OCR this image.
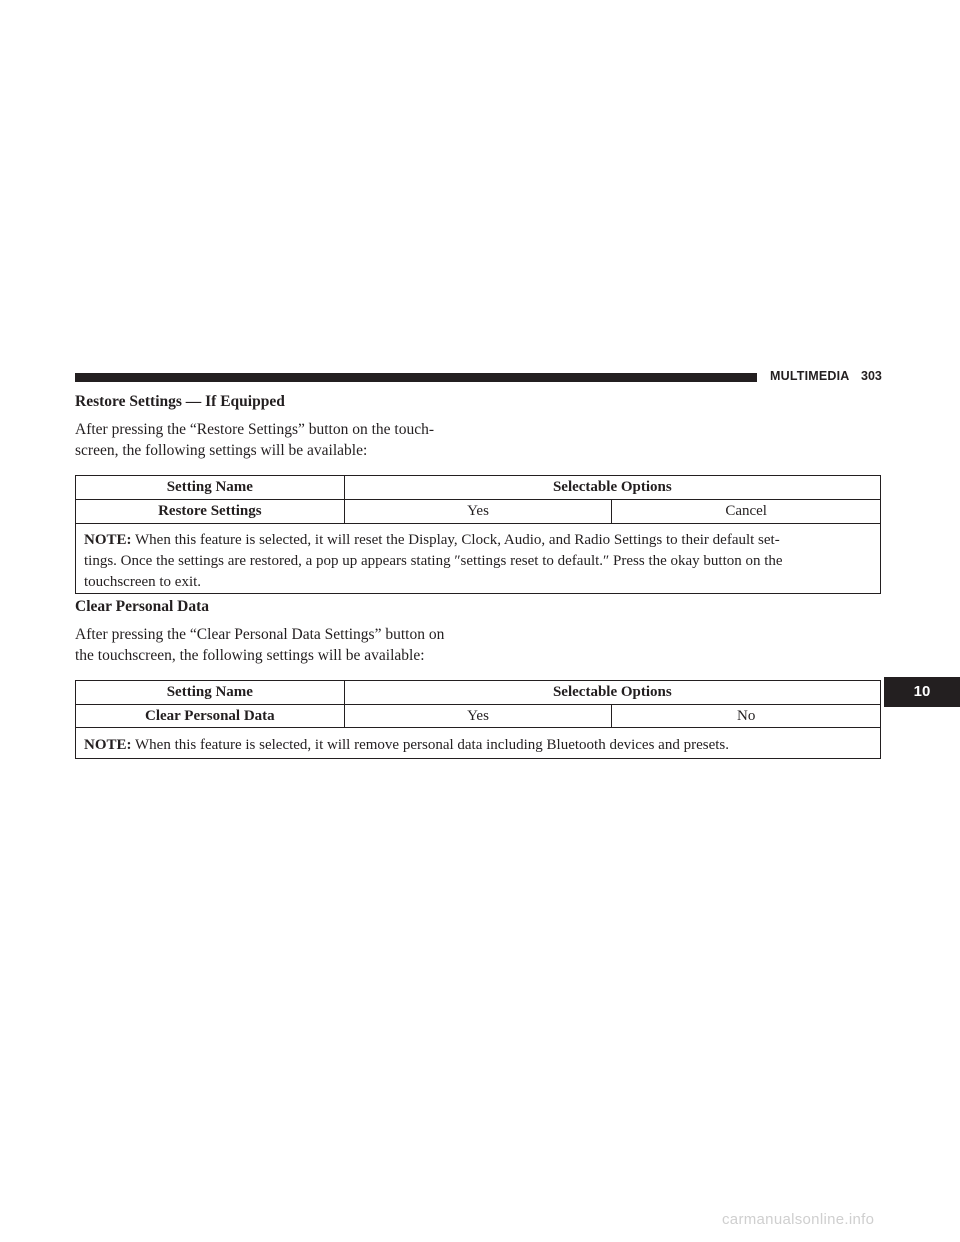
MULTIMEDIA 303
Restore Settings — If Equipped
After pressing the “Restore Settings” button on the touch-
screen, the following settings will be available:
Setting Name	Selectable Options	
Restore Settings	Yes	Cancel

NOTE: When this feature is selected, it will reset the Display, Clock, Audio, and Radio Settings to their default set-
tings. Once the settings are restored, a pop up appears stating ″settings reset to default.″ Press the okay button on the
touchscreen to exit.		
Clear Personal Data
After pressing the “Clear Personal Data Settings” button on
the touchscreen, the following settings will be available:
Setting Name	Selectable Options	
Clear Personal Data	Yes	No

NOTE: When this feature is selected, it will remove personal data including Bluetooth devices and presets.		
10
carmanualsonline.info
